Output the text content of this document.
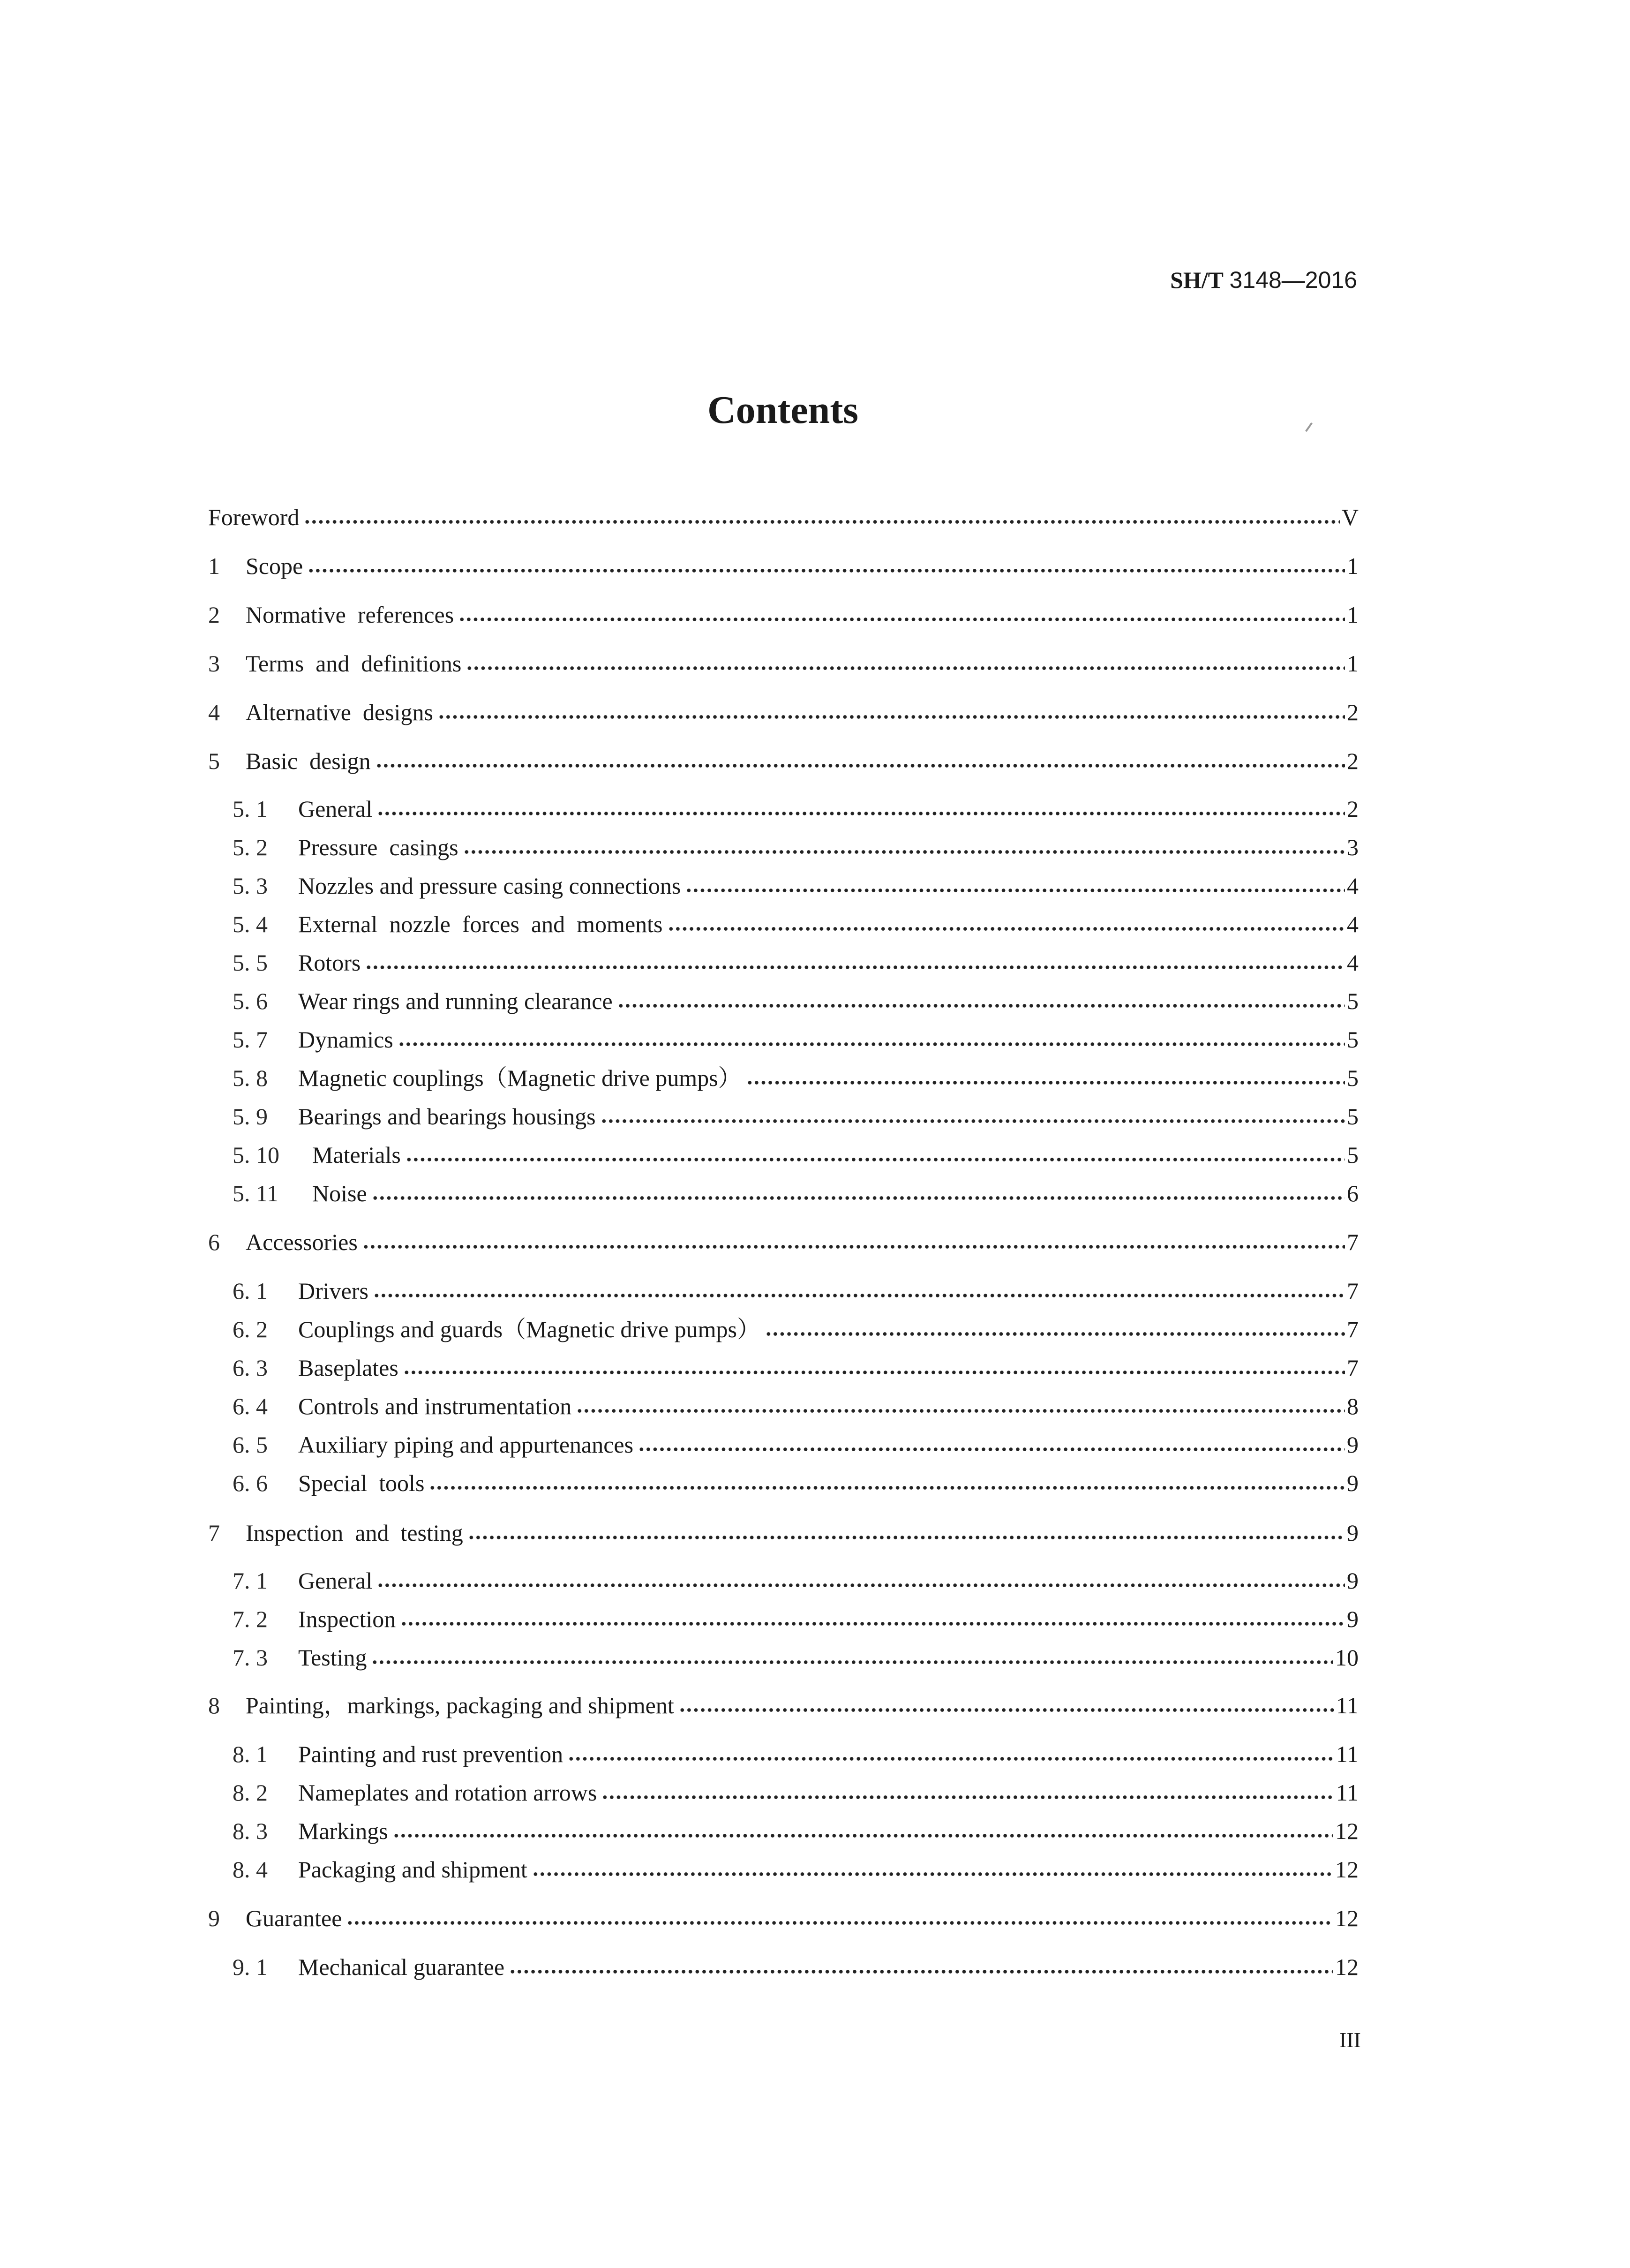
SH/T 3148—2016
Contents
Foreword	V
1	Scope	1
2	Normative  references	1
3	Terms  and  definitions	1
4	Alternative  designs	2
5	Basic  design	2
5. 1	General	2
5. 2	Pressure  casings	3
5. 3	Nozzles and pressure casing connections	4
5. 4	External  nozzle  forces  and  moments	4
5. 5	Rotors	4
5. 6	Wear rings and running clearance	5
5. 7	Dynamics	5
5. 8	Magnetic couplings（Magnetic drive pumps）	5
5. 9	Bearings and bearings housings	5
5. 10	Materials	5
5. 11	Noise	6
6	Accessories	7
6. 1	Drivers	7
6. 2	Couplings and guards（Magnetic drive pumps）	7
6. 3	Baseplates	7
6. 4	Controls and instrumentation	8
6. 5	Auxiliary piping and appurtenances	9
6. 6	Special  tools	9
7	Inspection  and  testing	9
7. 1	General	9
7. 2	Inspection	9
7. 3	Testing	10
8	Painting，markings, packaging and shipment	11
8. 1	Painting and rust prevention	11
8. 2	Nameplates and rotation arrows	11
8. 3	Markings	12
8. 4	Packaging and shipment	12
9	Guarantee	12
9. 1	Mechanical guarantee	12
III
